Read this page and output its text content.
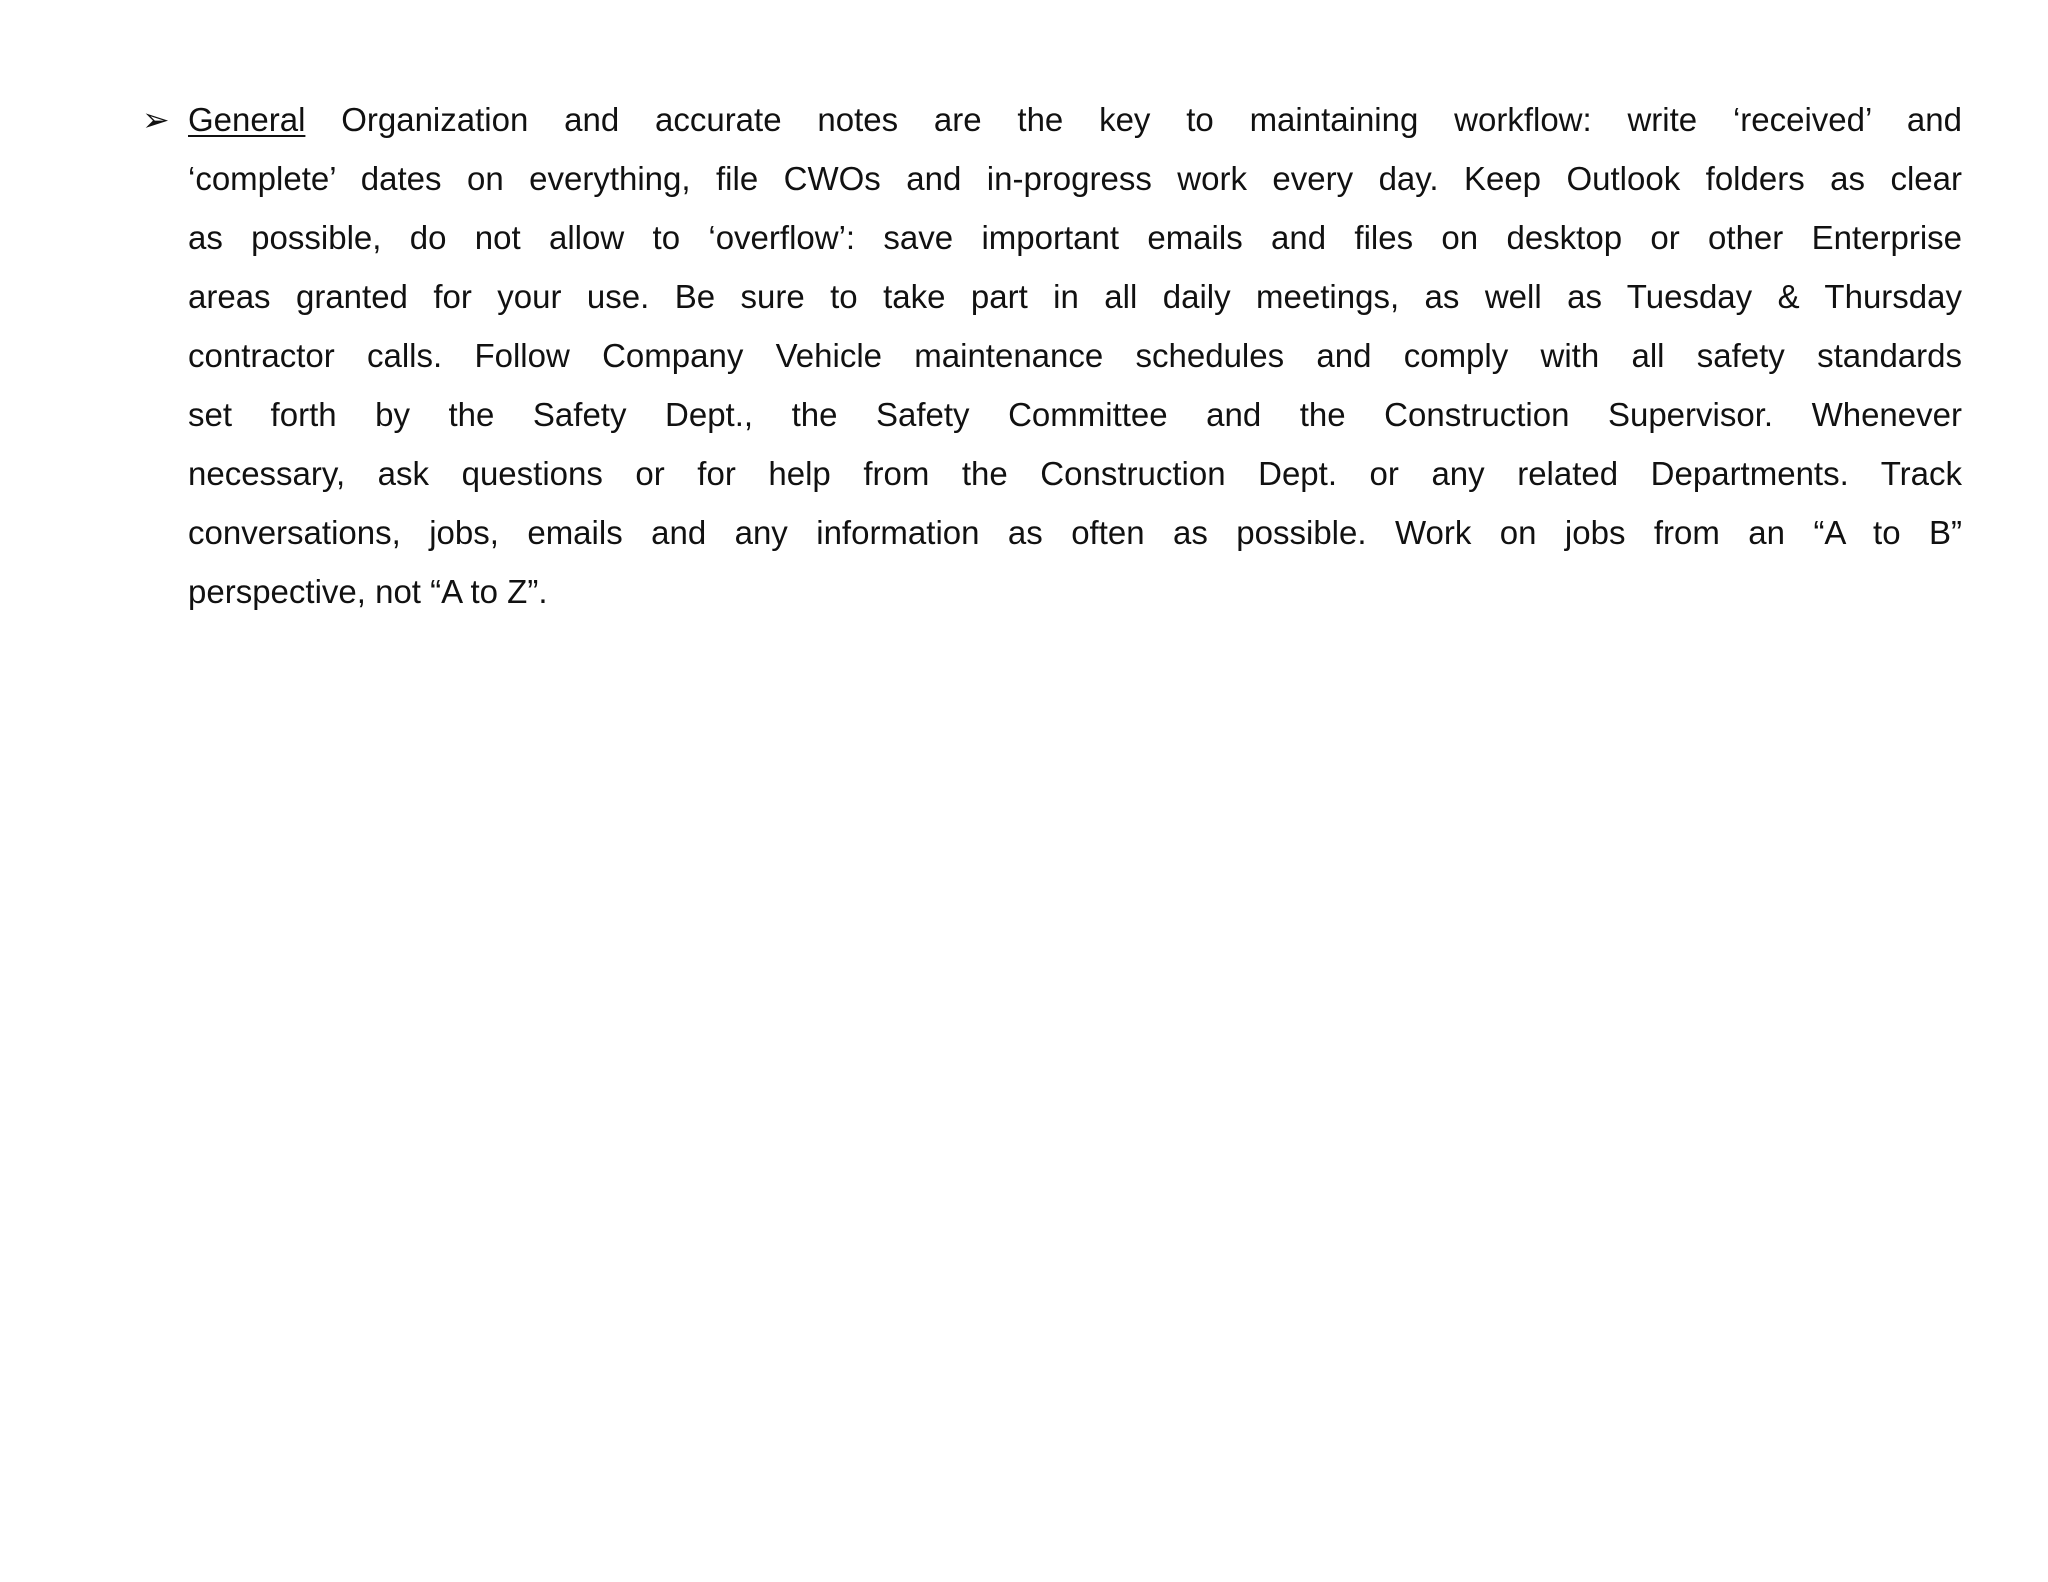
➢ General Organization and accurate notes are the key to maintaining workflow: write ‘received’ and
‘complete’ dates on everything, file CWOs and in-progress work every day. Keep Outlook folders as clear
as possible, do not allow to ‘overflow’: save important emails and files on desktop or other Enterprise
areas granted for your use. Be sure to take part in all daily meetings, as well as Tuesday & Thursday
contractor calls. Follow Company Vehicle maintenance schedules and comply with all safety standards
set forth by the Safety Dept., the Safety Committee and the Construction Supervisor. Whenever
necessary, ask questions or for help from the Construction Dept. or any related Departments. Track
conversations, jobs, emails and any information as often as possible. Work on jobs from an “A to B”
perspective, not “A to Z”.
